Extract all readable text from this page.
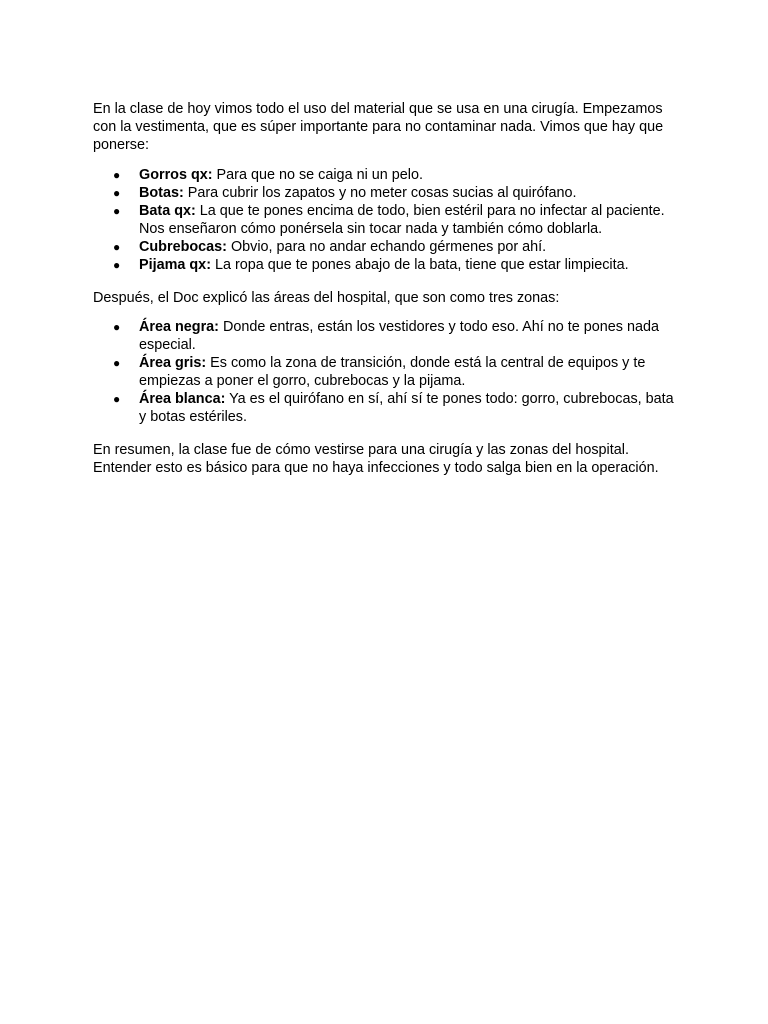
En la clase de hoy vimos todo el uso del material que se usa en una cirugía. Empezamos con la vestimenta, que es súper importante para no contaminar nada. Vimos que hay que ponerse:

● Gorros qx: Para que no se caiga ni un pelo.
● Botas: Para cubrir los zapatos y no meter cosas sucias al quirófano.
● Bata qx: La que te pones encima de todo, bien estéril para no infectar al paciente. Nos enseñaron cómo ponérsela sin tocar nada y también cómo doblarla.
● Cubrebocas: Obvio, para no andar echando gérmenes por ahí.
● Pijama qx: La ropa que te pones abajo de la bata, tiene que estar limpiecita.

Después, el Doc explicó las áreas del hospital, que son como tres zonas:

● Área negra: Donde entras, están los vestidores y todo eso. Ahí no te pones nada especial.
● Área gris: Es como la zona de transición, donde está la central de equipos y te empiezas a poner el gorro, cubrebocas y la pijama.
● Área blanca: Ya es el quirófano en sí, ahí sí te pones todo: gorro, cubrebocas, bata y botas estériles.

En resumen, la clase fue de cómo vestirse para una cirugía y las zonas del hospital. Entender esto es básico para que no haya infecciones y todo salga bien en la operación.
